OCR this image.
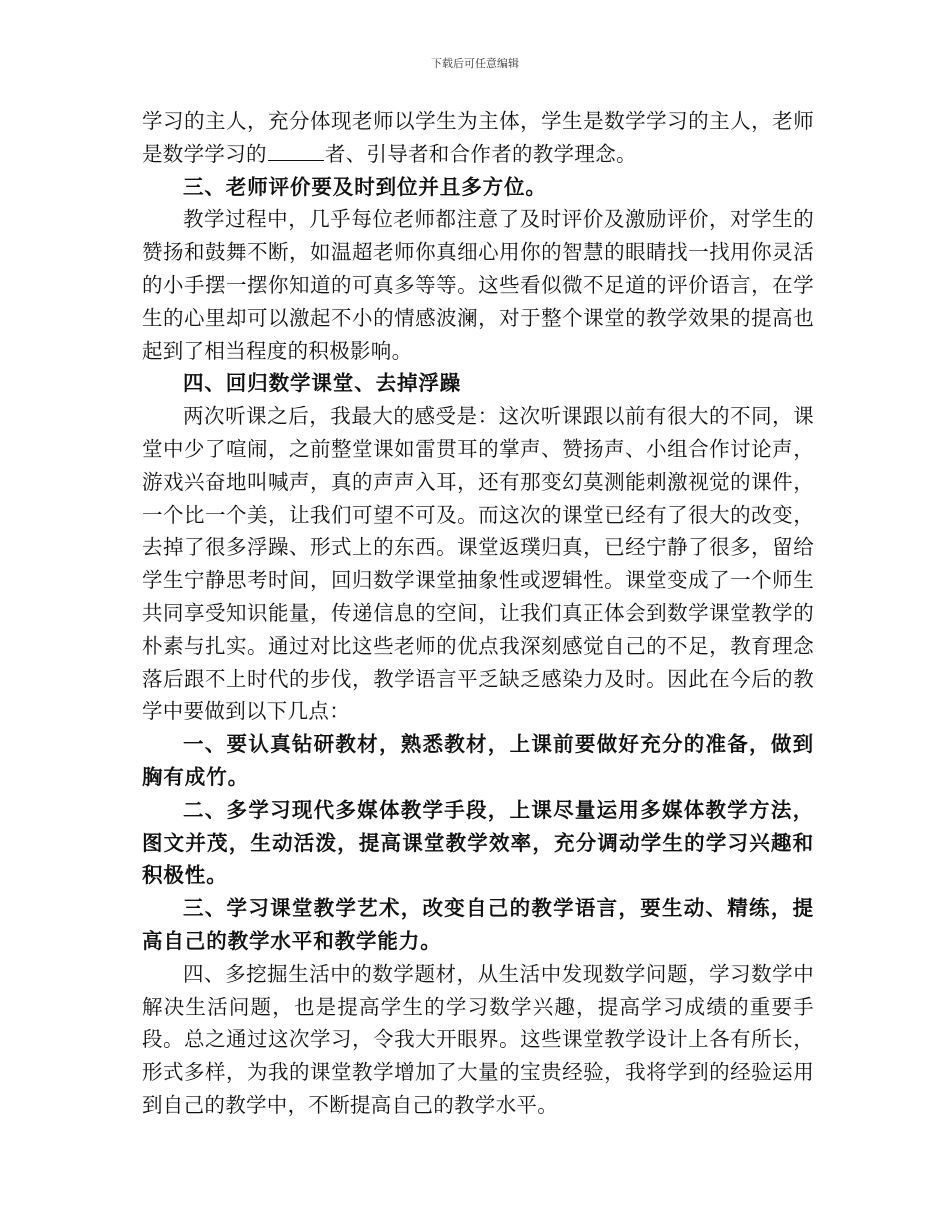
下载后可任意编辑

学习的主人，充分体现老师以学生为主体，学生是数学学习的主人，老师是数学学习的	者、引导者和合作者的教学理念。

三、老师评价要及时到位并且多方位。

教学过程中，几乎每位老师都注意了及时评价及激励评价，对学生的赞扬和鼓舞不断，如温超老师你真细心用你的智慧的眼睛找一找用你灵活的小手摆一摆你知道的可真多等等。这些看似微不足道的评价语言，在学生的心里却可以激起不小的情感波澜，对于整个课堂的教学效果的提高也起到了相当程度的积极影响。

四、回归数学课堂、去掉浮躁

两次听课之后，我最大的感受是：这次听课跟以前有很大的不同，课堂中少了喧闹，之前整堂课如雷贯耳的掌声、赞扬声、小组合作讨论声，游戏兴奋地叫喊声，真的声声入耳，还有那变幻莫测能刺激视觉的课件，一个比一个美，让我们可望不可及。而这次的课堂已经有了很大的改变，去掉了很多浮躁、形式上的东西。课堂返璞归真，已经宁静了很多，留给学生宁静思考时间，回归数学课堂抽象性或逻辑性。课堂变成了一个师生共同享受知识能量，传递信息的空间，让我们真正体会到数学课堂教学的朴素与扎实。通过对比这些老师的优点我深刻感觉自己的不足，教育理念落后跟不上时代的步伐，教学语言平乏缺乏感染力及时。因此在今后的教学中要做到以下几点：

一、要认真钻研教材，熟悉教材，上课前要做好充分的准备，做到胸有成竹。

二、多学习现代多媒体教学手段，上课尽量运用多媒体教学方法，图文并茂，生动活泼，提高课堂教学效率，充分调动学生的学习兴趣和积极性。

三、学习课堂教学艺术，改变自己的教学语言，要生动、精练，提高自己的教学水平和教学能力。

四、多挖掘生活中的数学题材，从生活中发现数学问题，学习数学中解决生活问题，也是提高学生的学习数学兴趣，提高学习成绩的重要手段。总之通过这次学习，令我大开眼界。这些课堂教学设计上各有所长，形式多样，为我的课堂教学增加了大量的宝贵经验，我将学到的经验运用到自己的教学中，不断提高自己的教学水平。
